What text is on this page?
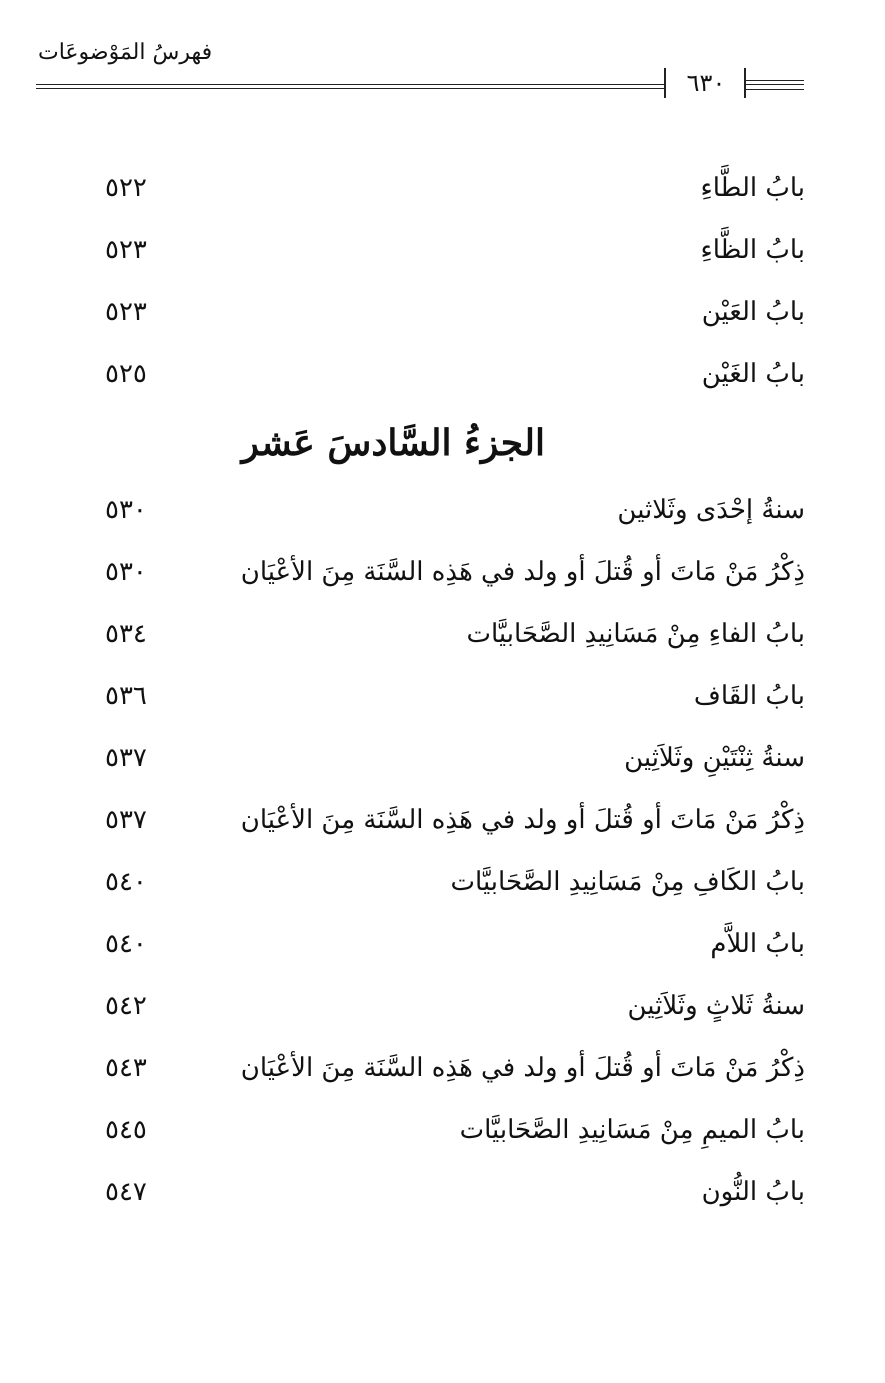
فهرسُ المَوْضوعَات
٦٣٠
بابُ الطَّاءِ
٥٢٢
بابُ الظَّاءِ
٥٢٣
بابُ العَيْن
٥٢٣
بابُ الغَيْن
٥٢٥
الجزءُ السَّادسَ عَشر
سنةُ إحْدَى وثَلاثين
٥٣٠
ذِكْرُ مَنْ مَاتَ أو قُتلَ أو ولد في هَذِه السَّنَة مِنَ الأعْيَان
٥٣٠
بابُ الفاءِ مِنْ مَسَانِيدِ الصَّحَابيَّات
٥٣٤
بابُ القَاف
٥٣٦
سنةُ ثِنْتَيْنِ وثَلاَثِين
٥٣٧
ذِكْرُ مَنْ مَاتَ أو قُتلَ أو ولد في هَذِه السَّنَة مِنَ الأعْيَان
٥٣٧
بابُ الكَافِ مِنْ مَسَانِيدِ الصَّحَابيَّات
٥٤٠
بابُ اللاَّم
٥٤٠
سنةُ ثَلاثٍ وثَلاَثِين
٥٤٢
ذِكْرُ مَنْ مَاتَ أو قُتلَ أو ولد في هَذِه السَّنَة مِنَ الأعْيَان
٥٤٣
بابُ الميمِ مِنْ مَسَانِيدِ الصَّحَابيَّات
٥٤٥
بابُ النُّون
٥٤٧
